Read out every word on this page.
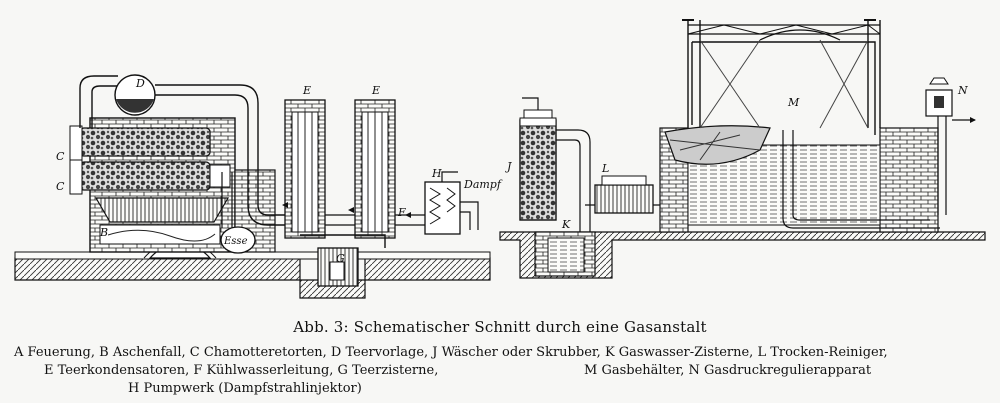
B
C
C
D
E	E
F
G
H
Dampf
Esse
J
K
L
M
N
Abb. 3: Schematischer Schnitt durch eine Gasanstalt
A Feuerung, B Aschenfall, C Chamotteretorten, D Teervorlage, J Wäscher oder Skrubber, K Gaswasser-Zisterne, L Trocken-Reiniger,
E Teerkondensatoren, F Kühlwasserleitung, G Teerzisterne,	M Gasbehälter, N Gasdruckregulierapparat
H Pumpwerk (Dampfstrahlinjektor)
